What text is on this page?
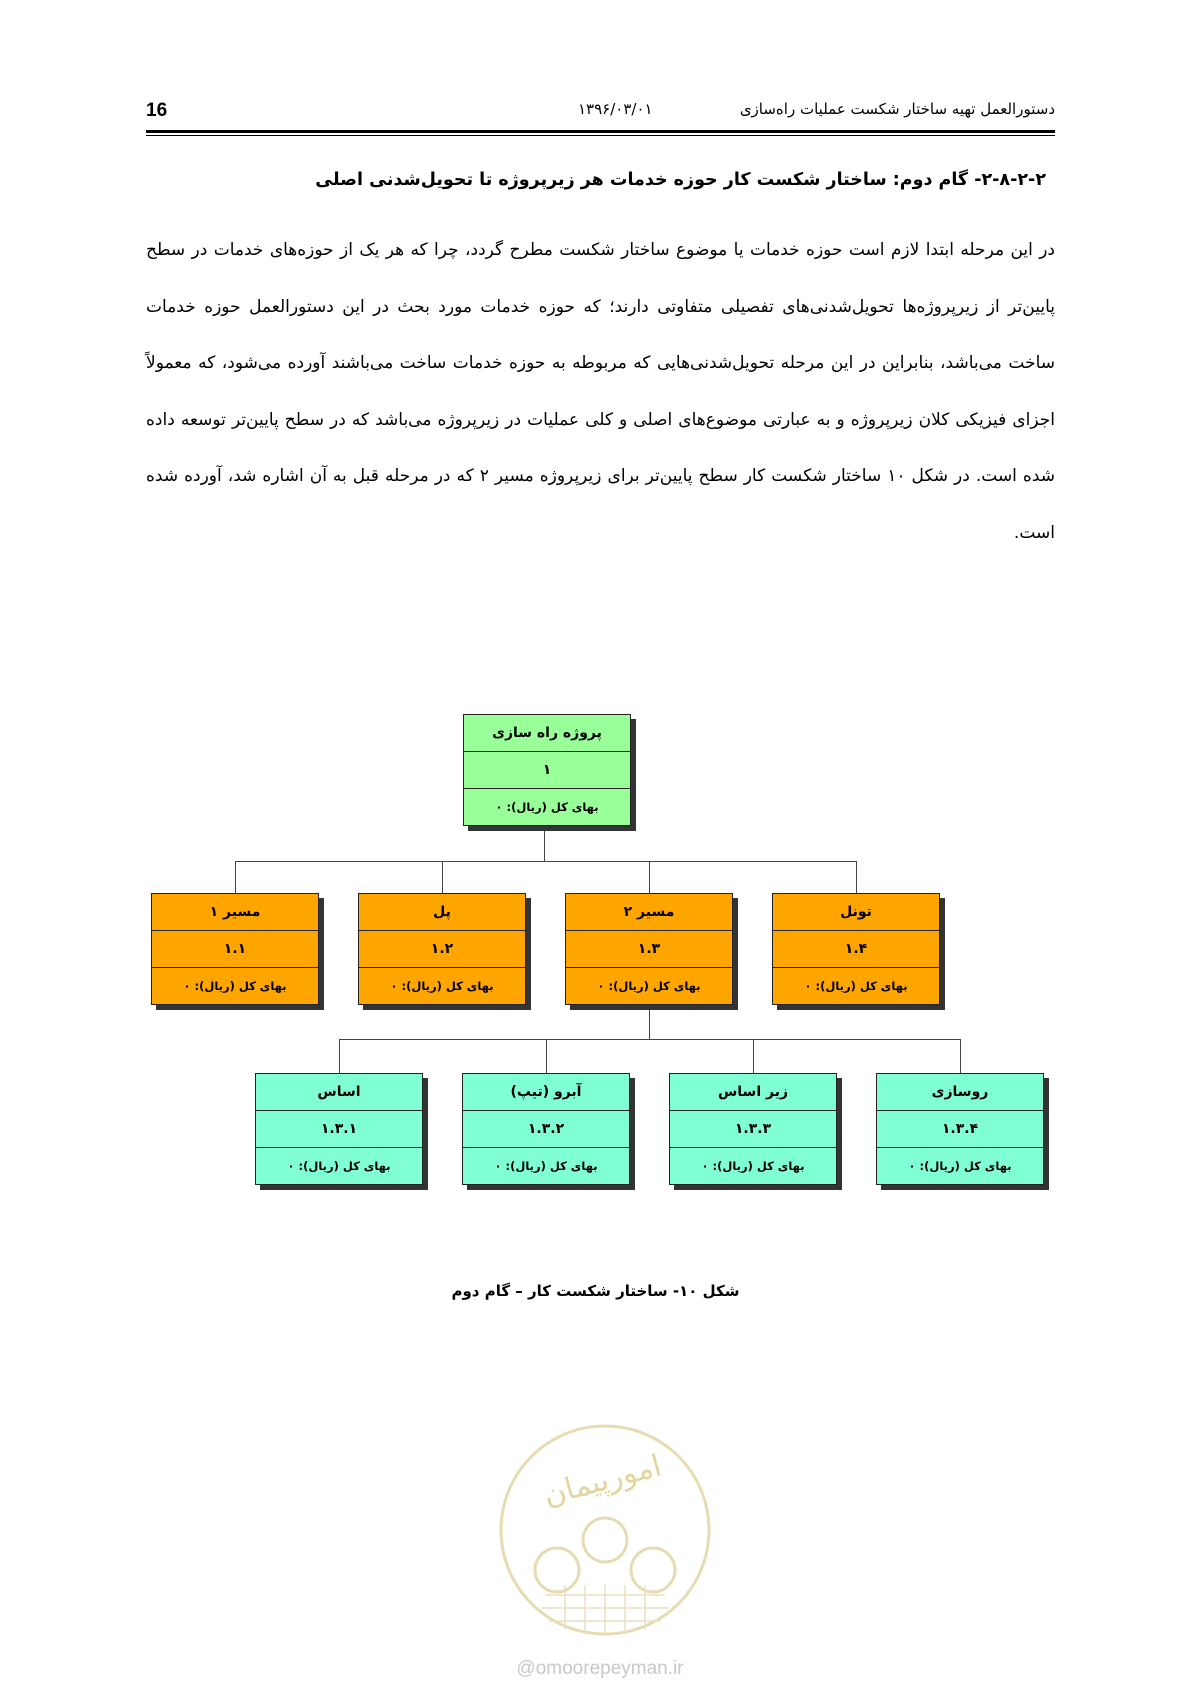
16	۱۳۹۶/۰۳/۰۱	دستورالعمل تهیه ساختار شکست عملیات راه‌سازی
۲-۸-۲-۲- گام دوم: ساختار شکست کار حوزه خدمات هر زیرپروژه تا تحویل‌شدنی اصلی
در این مرحله ابتدا لازم است حوزه خدمات یا موضوع ساختار شکست مطرح گردد، چرا که هر یک از حوزه‌های خدمات در سطح پایین‌تر از زیرپروژه‌ها تحویل‌شدنی‌های تفصیلی متفاوتی دارند؛ که حوزه خدمات مورد بحث در این دستورالعمل حوزه خدمات ساخت می‌باشد، بنابراین در این مرحله تحویل‌شدنی‌هایی که مربوطه به حوزه خدمات ساخت می‌باشند آورده می‌شود، که معمولاً اجزای فیزیکی کلان زیرپروژه و به عبارتی موضوع‌های اصلی و کلی عملیات در زیرپروژه می‌باشد که در سطح پایین‌تر توسعه داده شده است. در شکل ۱۰ ساختار شکست کار سطح پایین‌تر برای زیرپروژه مسیر ۲ که در مرحله قبل به آن اشاره شد، آورده شده است.
پروژه راه سازی
۱
بهای کل (ریال): ۰
مسیر ۱
۱.۱
بهای کل (ریال): ۰
پل
۱.۲
بهای کل (ریال): ۰
مسیر ۲
۱.۳
بهای کل (ریال): ۰
تونل
۱.۴
بهای کل (ریال): ۰
اساس
۱.۳.۱
بهای کل (ریال): ۰
آبرو (تیپ)
۱.۳.۲
بهای کل (ریال): ۰
زیر اساس
۱.۳.۳
بهای کل (ریال): ۰
روسازی
۱.۳.۴
بهای کل (ریال): ۰
شکل ۱۰- ساختار شکست کار – گام دوم
امورپیمان
@omoorepeyman.ir
